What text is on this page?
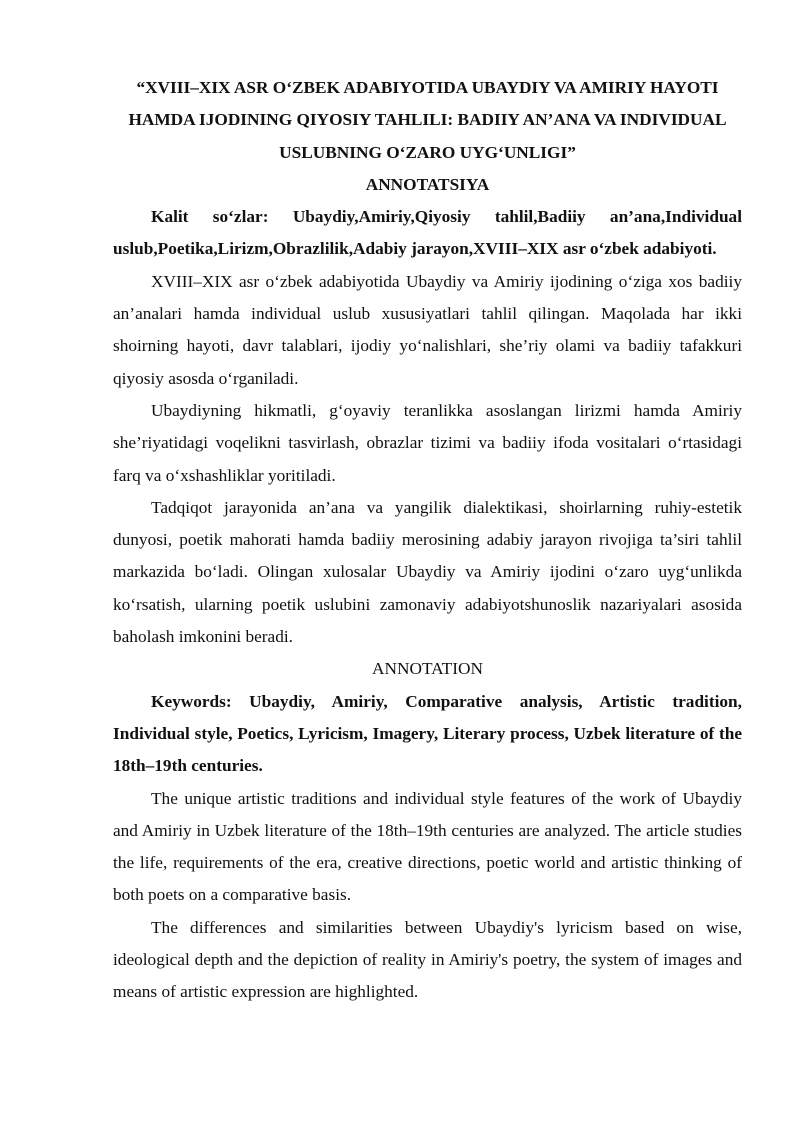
“XVIII–XIX ASR O‘ZBEK ADABIYOTIDA UBAYDIY VA AMIRIY HAYOTI HAMDA IJODINING QIYOSIY TAHLILI: BADIIY AN’ANA VA INDIVIDUAL USLUBNING O‘ZARO UYG‘UNLIGI”
ANNOTATSIYA

Kalit so‘zlar: Ubaydiy,Amiriy,Qiyosiy tahlil,Badiiy an’ana,Individual uslub,Poetika,Lirizm,Obrazlilik,Adabiy jarayon,XVIII–XIX asr o‘zbek adabiyoti.

XVIII–XIX asr o‘zbek adabiyotida Ubaydiy va Amiriy ijodining o‘ziga xos badiiy an’analari hamda individual uslub xususiyatlari tahlil qilingan. Maqolada har ikki shoirning hayoti, davr talablari, ijodiy yo‘nalishlari, she’riy olami va badiiy tafakkuri qiyosiy asosda o‘rganiladi.

Ubaydiyning hikmatli, g‘oyaviy teranlikka asoslangan lirizmi hamda Amiriy she’riyatidagi voqelikni tasvirlash, obrazlar tizimi va badiiy ifoda vositalari o‘rtasidagi farq va o‘xshashliklar yoritiladi.

Tadqiqot jarayonida an’ana va yangilik dialektikasi, shoirlarning ruhiy-estetik dunyosi, poetik mahorati hamda badiiy merosining adabiy jarayon rivojiga ta’siri tahlil markazida bo‘ladi. Olingan xulosalar Ubaydiy va Amiriy ijodini o‘zaro uyg‘unlikda ko‘rsatish, ularning poetik uslubini zamonaviy adabiyotshunoslik nazariyalari asosida baholash imkonini beradi.

ANNOTATION

Keywords: Ubaydiy, Amiriy, Comparative analysis, Artistic tradition, Individual style, Poetics, Lyricism, Imagery, Literary process, Uzbek literature of the 18th–19th centuries.

The unique artistic traditions and individual style features of the work of Ubaydiy and Amiriy in Uzbek literature of the 18th–19th centuries are analyzed. The article studies the life, requirements of the era, creative directions, poetic world and artistic thinking of both poets on a comparative basis.

The differences and similarities between Ubaydiy's lyricism based on wise, ideological depth and the depiction of reality in Amiriy's poetry, the system of images and means of artistic expression are highlighted.
